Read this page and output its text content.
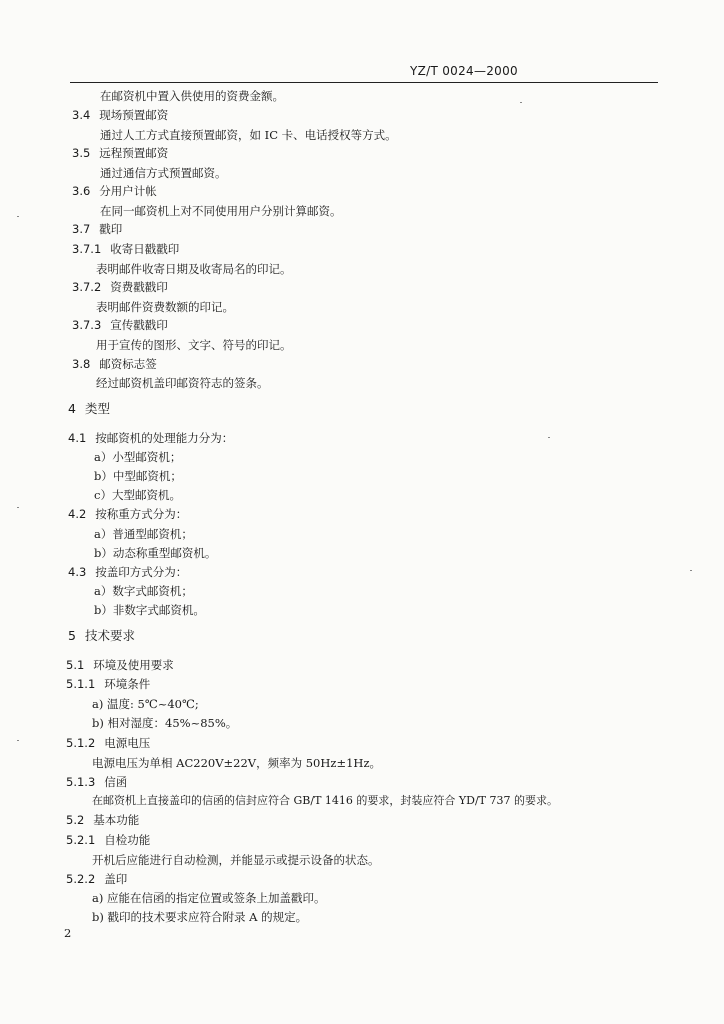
YZ/T 0024—2000
在邮资机中置入供使用的资费金额。
3.4 现场预置邮资
通过人工方式直接预置邮资，如 IC 卡、电话授权等方式。
3.5 远程预置邮资
通过通信方式预置邮资。
3.6 分用户计帐
在同一邮资机上对不同使用用户分别计算邮资。
3.7 戳印
3.7.1 收寄日戳戳印
表明邮件收寄日期及收寄局名的印记。
3.7.2 资费戳戳印
表明邮件资费数额的印记。
3.7.3 宣传戳戳印
用于宣传的图形、文字、符号的印记。
3.8 邮资标志签
经过邮资机盖印邮资符志的签条。
4 类型
4.1 按邮资机的处理能力分为：
a）小型邮资机；
b）中型邮资机；
c）大型邮资机。
4.2 按称重方式分为：
a）普通型邮资机；
b）动态称重型邮资机。
4.3 按盖印方式分为：
a）数字式邮资机；
b）非数字式邮资机。
5 技术要求
5.1 环境及使用要求
5.1.1 环境条件
a) 温度: 5℃~40℃;
b) 相对湿度：45%~85%。
5.1.2 电源电压
电源电压为单相 AC220V±22V，频率为 50Hz±1Hz。
5.1.3 信函
在邮资机上直接盖印的信函的信封应符合 GB/T 1416 的要求，封装应符合 YD/T 737 的要求。
5.2 基本功能
5.2.1 自检功能
开机后应能进行自动检测，并能显示或提示设备的状态。
5.2.2 盖印
a) 应能在信函的指定位置或签条上加盖戳印。
b) 戳印的技术要求应符合附录 A 的规定。
2
